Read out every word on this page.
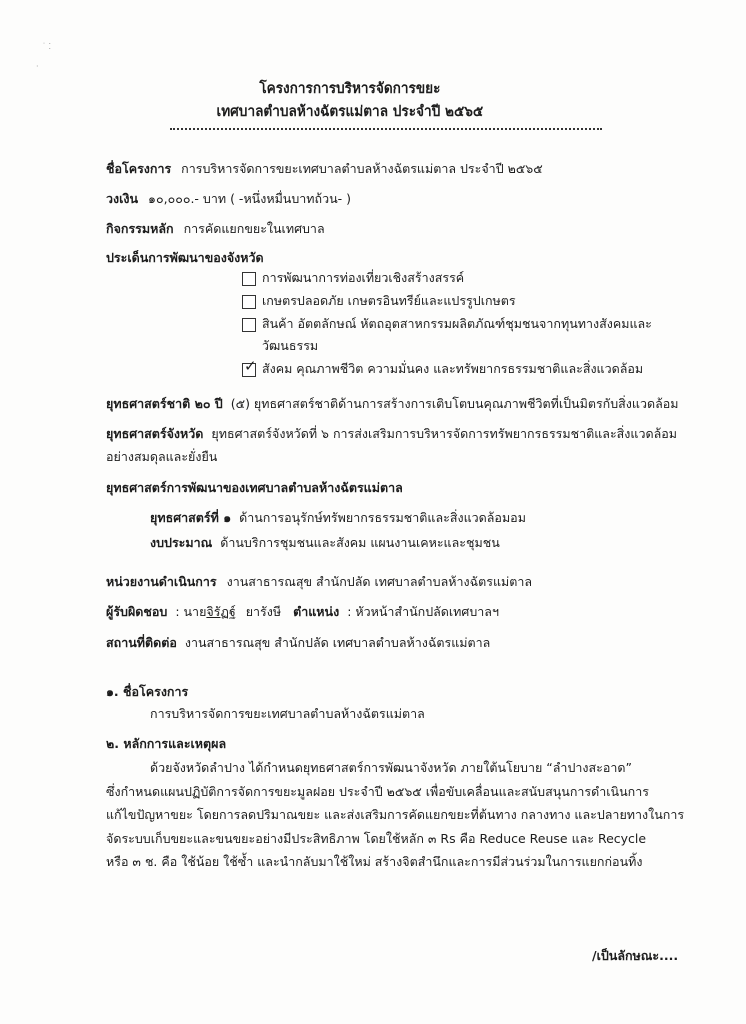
˙ ⁚
·
โครงการการบริหารจัดการขยะ
เทศบาลตำบลห้างฉัตรแม่ตาล ประจำปี ๒๕๖๕
ชื่อโครงการ การบริหารจัดการขยะเทศบาลตำบลห้างฉัตรแม่ตาล ประจำปี ๒๕๖๕
วงเงิน ๑๐,๐๐๐.- บาท ( -หนึ่งหมื่นบาทถ้วน- )
กิจกรรมหลัก การคัดแยกขยะในเทศบาล
ประเด็นการพัฒนาของจังหวัด
การพัฒนาการท่องเที่ยวเชิงสร้างสรรค์
เกษตรปลอดภัย เกษตรอินทรีย์และแปรรูปเกษตร
สินค้า อัตตลักษณ์ หัตถอุตสาหกรรมผลิตภัณฑ์ชุมชนจากทุนทางสังคมและ
วัฒนธรรม
✓ สังคม คุณภาพชีวิต ความมั่นคง และทรัพยากรธรรมชาติและสิ่งแวดล้อม
ยุทธศาสตร์ชาติ ๒๐ ปี (๕) ยุทธศาสตร์ชาติด้านการสร้างการเติบโตบนคุณภาพชีวิตที่เป็นมิตรกับสิ่งแวดล้อม
ยุทธศาสตร์จังหวัด ยุทธศาสตร์จังหวัดที่ ๖ การส่งเสริมการบริหารจัดการทรัพยากรธรรมชาติและสิ่งแวดล้อม
อย่างสมดุลและยั่งยืน
ยุทธศาสตร์การพัฒนาของเทศบาลตำบลห้างฉัตรแม่ตาล
ยุทธศาสตร์ที่ ๑ ด้านการอนุรักษ์ทรัพยากรธรรมชาติและสิ่งแวดล้อมอม
งบประมาณ ด้านบริการชุมชนและสังคม แผนงานเคหะและชุมชน
หน่วยงานดำเนินการ งานสาธารณสุข สำนักปลัด เทศบาลตำบลห้างฉัตรแม่ตาล
ผู้รับผิดชอบ : นายจิรัฏฐ์ ยารังษี ตำแหน่ง : หัวหน้าสำนักปลัดเทศบาลฯ
สถานที่ติดต่อ งานสาธารณสุข สำนักปลัด เทศบาลตำบลห้างฉัตรแม่ตาล
๑. ชื่อโครงการ
การบริหารจัดการขยะเทศบาลตำบลห้างฉัตรแม่ตาล
๒. หลักการและเหตุผล
ด้วยจังหวัดลำปาง ได้กำหนดยุทธศาสตร์การพัฒนาจังหวัด ภายใต้นโยบาย “ลำปางสะอาด”
ซึ่งกำหนดแผนปฏิบัติการจัดการขยะมูลฝอย ประจำปี ๒๕๖๕ เพื่อขับเคลื่อนและสนับสนุนการดำเนินการ
แก้ไขปัญหาขยะ โดยการลดปริมาณขยะ และส่งเสริมการคัดแยกขยะที่ต้นทาง กลางทาง และปลายทางในการ
จัดระบบเก็บขยะและขนขยะอย่างมีประสิทธิภาพ โดยใช้หลัก ๓ Rs คือ Reduce Reuse และ Recycle
หรือ ๓ ช. คือ ใช้น้อย ใช้ซ้ำ และนำกลับมาใช้ใหม่ สร้างจิตสำนึกและการมีส่วนร่วมในการแยกก่อนทิ้ง
/เป็นลักษณะ....
